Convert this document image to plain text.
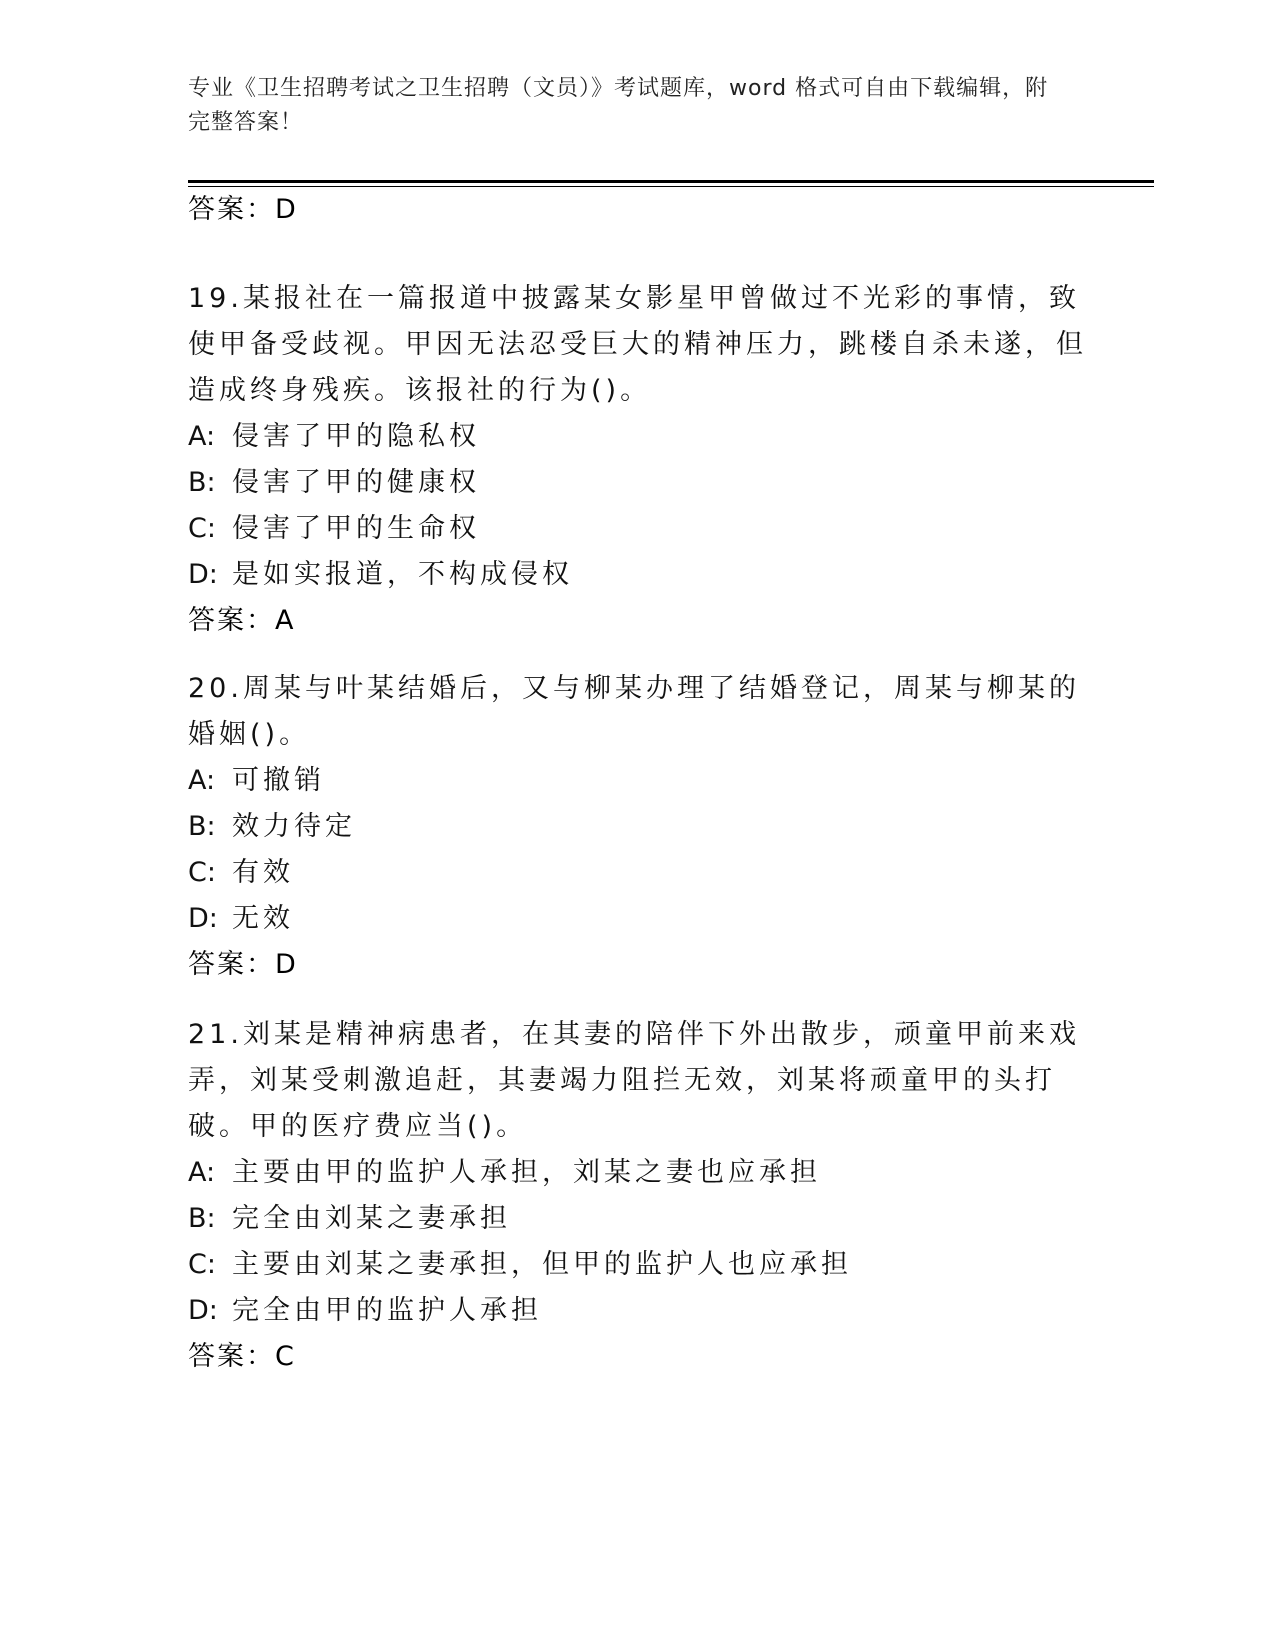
专业《卫生招聘考试之卫生招聘（文员）》考试题库，word 格式可自由下载编辑，附完整答案！
答案：D

19.某报社在一篇报道中披露某女影星甲曾做过不光彩的事情，致使甲备受歧视。甲因无法忍受巨大的精神压力，跳楼自杀未遂，但造成终身残疾。该报社的行为()。

A: 侵害了甲的隐私权

B: 侵害了甲的健康权

C: 侵害了甲的生命权

D: 是如实报道，不构成侵权

答案：A

20.周某与叶某结婚后，又与柳某办理了结婚登记，周某与柳某的婚姻()。

A: 可撤销

B: 效力待定

C: 有效

D: 无效

答案：D

21.刘某是精神病患者，在其妻的陪伴下外出散步，顽童甲前来戏弄，刘某受刺激追赶，其妻竭力阻拦无效，刘某将顽童甲的头打破。甲的医疗费应当()。

A: 主要由甲的监护人承担，刘某之妻也应承担

B: 完全由刘某之妻承担

C: 主要由刘某之妻承担，但甲的监护人也应承担

D: 完全由甲的监护人承担

答案：C
